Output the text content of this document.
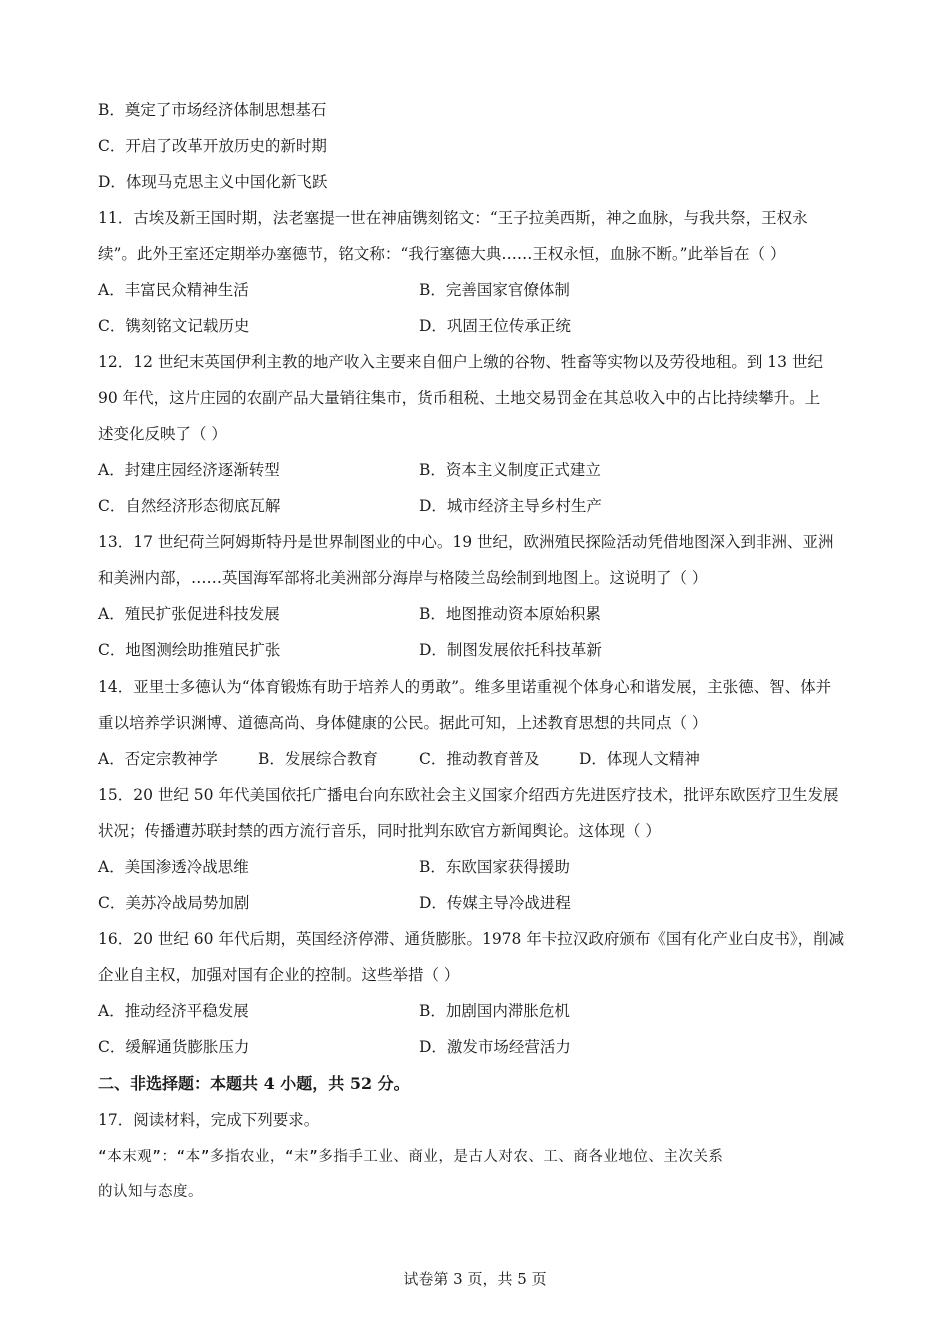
B．奠定了市场经济体制思想基石
C．开启了改革开放历史的新时期
D．体现马克思主义中国化新飞跃
11．古埃及新王国时期，法老塞提一世在神庙镌刻铭文：“王子拉美西斯，神之血脉，与我共祭，王权永
续”。此外王室还定期举办塞德节，铭文称：“我行塞德大典……王权永恒，血脉不断。”此举旨在（ ）
A．丰富民众精神生活	B．完善国家官僚体制
C．镌刻铭文记载历史	D．巩固王位传承正统
12．12 世纪末英国伊利主教的地产收入主要来自佃户上缴的谷物、牲畜等实物以及劳役地租。到 13 世纪
90 年代，这片庄园的农副产品大量销往集市，货币租税、土地交易罚金在其总收入中的占比持续攀升。上
述变化反映了（ ）
A．封建庄园经济逐渐转型	B．资本主义制度正式建立
C．自然经济形态彻底瓦解	D．城市经济主导乡村生产
13．17 世纪荷兰阿姆斯特丹是世界制图业的中心。19 世纪，欧洲殖民探险活动凭借地图深入到非洲、亚洲
和美洲内部，……英国海军部将北美洲部分海岸与格陵兰岛绘制到地图上。这说明了（ ）
A．殖民扩张促进科技发展	B．地图推动资本原始积累
C．地图测绘助推殖民扩张	D．制图发展依托科技革新
14．亚里士多德认为“体育锻炼有助于培养人的勇敢”。维多里诺重视个体身心和谐发展，主张德、智、体并
重以培养学识渊博、道德高尚、身体健康的公民。据此可知，上述教育思想的共同点（ ）
A．否定宗教神学	B．发展综合教育	C．推动教育普及	D．体现人文精神
15．20 世纪 50 年代美国依托广播电台向东欧社会主义国家介绍西方先进医疗技术，批评东欧医疗卫生发展
状况；传播遭苏联封禁的西方流行音乐，同时批判东欧官方新闻舆论。这体现（ ）
A．美国渗透冷战思维	B．东欧国家获得援助
C．美苏冷战局势加剧	D．传媒主导冷战进程
16．20 世纪 60 年代后期，英国经济停滞、通货膨胀。1978 年卡拉汉政府颁布《国有化产业白皮书》，削减
企业自主权，加强对国有企业的控制。这些举措（ ）
A．推动经济平稳发展	B．加剧国内滞胀危机
C．缓解通货膨胀压力	D．激发市场经营活力
二、非选择题：本题共 4 小题，共 52 分。
17．阅读材料，完成下列要求。
“本末观”：“本”多指农业，“末”多指手工业、商业，是古人对农、工、商各业地位、主次关系
的认知与态度。
试卷第 3 页，共 5 页
